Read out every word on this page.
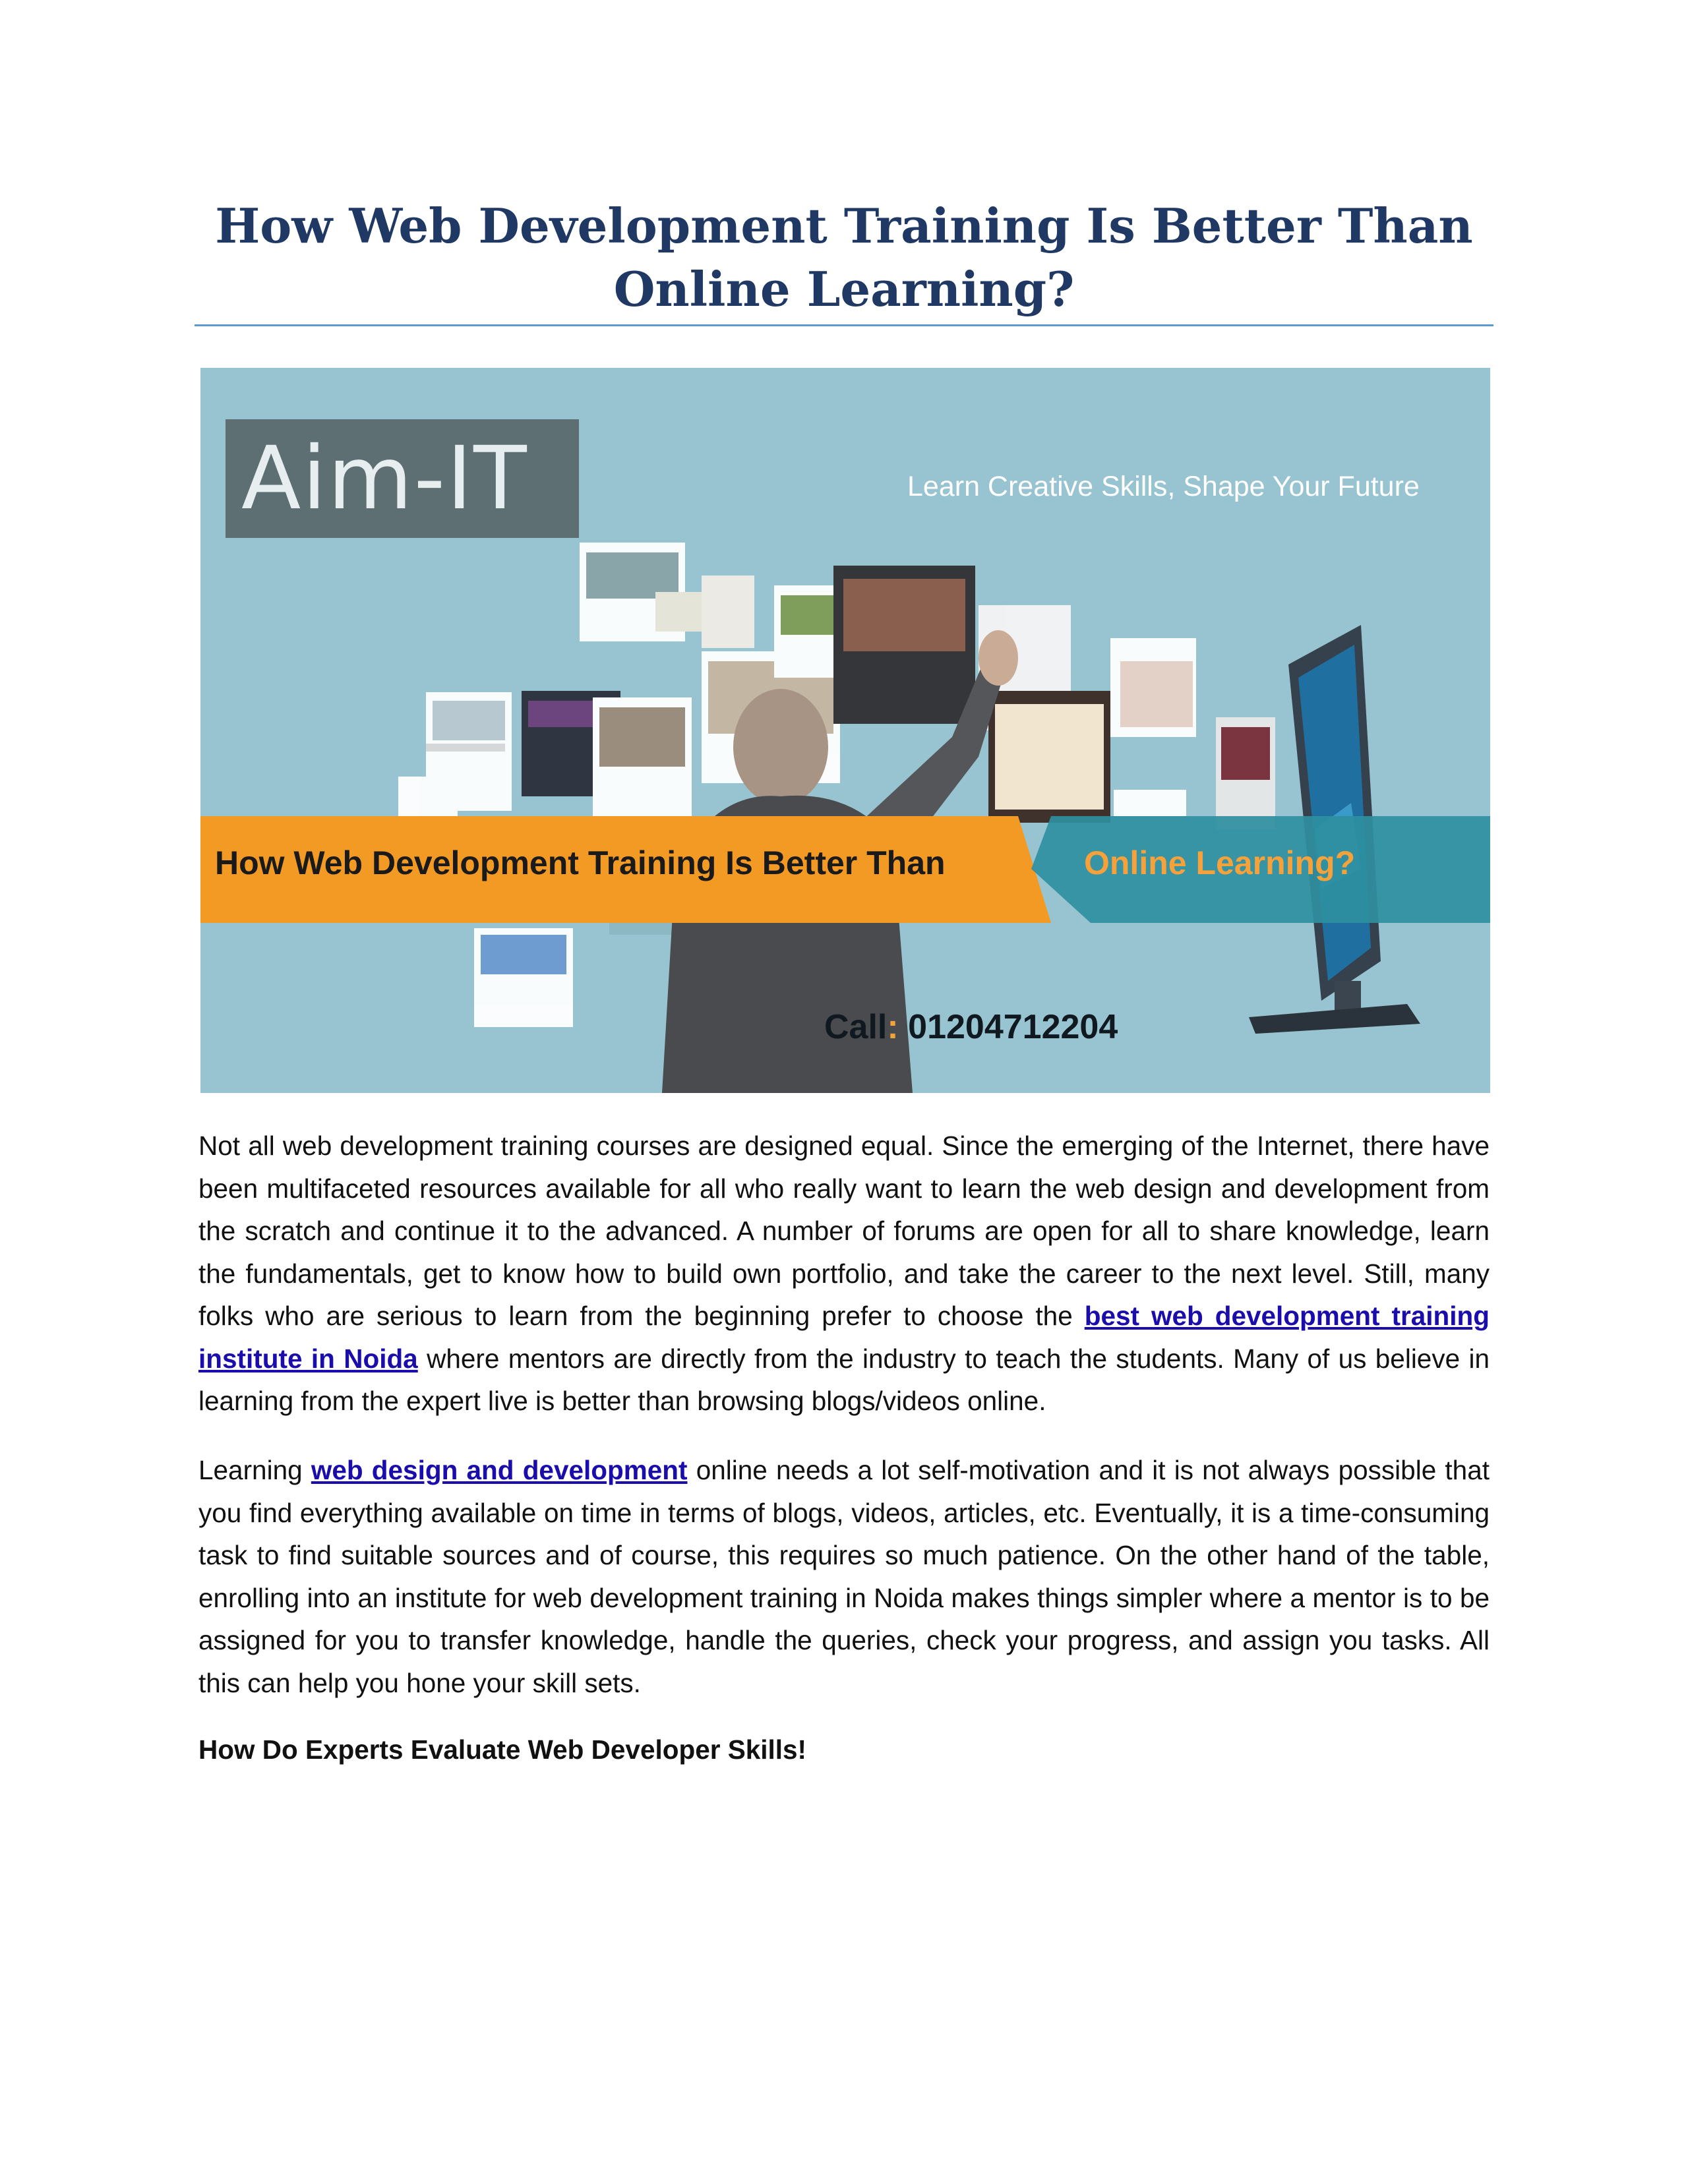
How Web Development Training Is Better Than Online Learning?
Aim-IT	Learn Creative Skills, Shape Your Future
How Web Development Training Is Better Than	Online Learning?
Call: 01204712204

Not all web development training courses are designed equal. Since the emerging of the Internet, there have been multifaceted resources available for all who really want to learn the web design and development from the scratch and continue it to the advanced. A number of forums are open for all to share knowledge, learn the fundamentals, get to know how to build own portfolio, and take the career to the next level. Still, many folks who are serious to learn from the beginning prefer to choose the best web development training institute in Noida where mentors are directly from the industry to teach the students. Many of us believe in learning from the expert live is better than browsing blogs/videos online.

Learning web design and development online needs a lot self-motivation and it is not always possible that you find everything available on time in terms of blogs, videos, articles, etc. Eventually, it is a time-consuming task to find suitable sources and of course, this requires so much patience. On the other hand of the table, enrolling into an institute for web development training in Noida makes things simpler where a mentor is to be assigned for you to transfer knowledge, handle the queries, check your progress, and assign you tasks. All this can help you hone your skill sets.

How Do Experts Evaluate Web Developer Skills!
